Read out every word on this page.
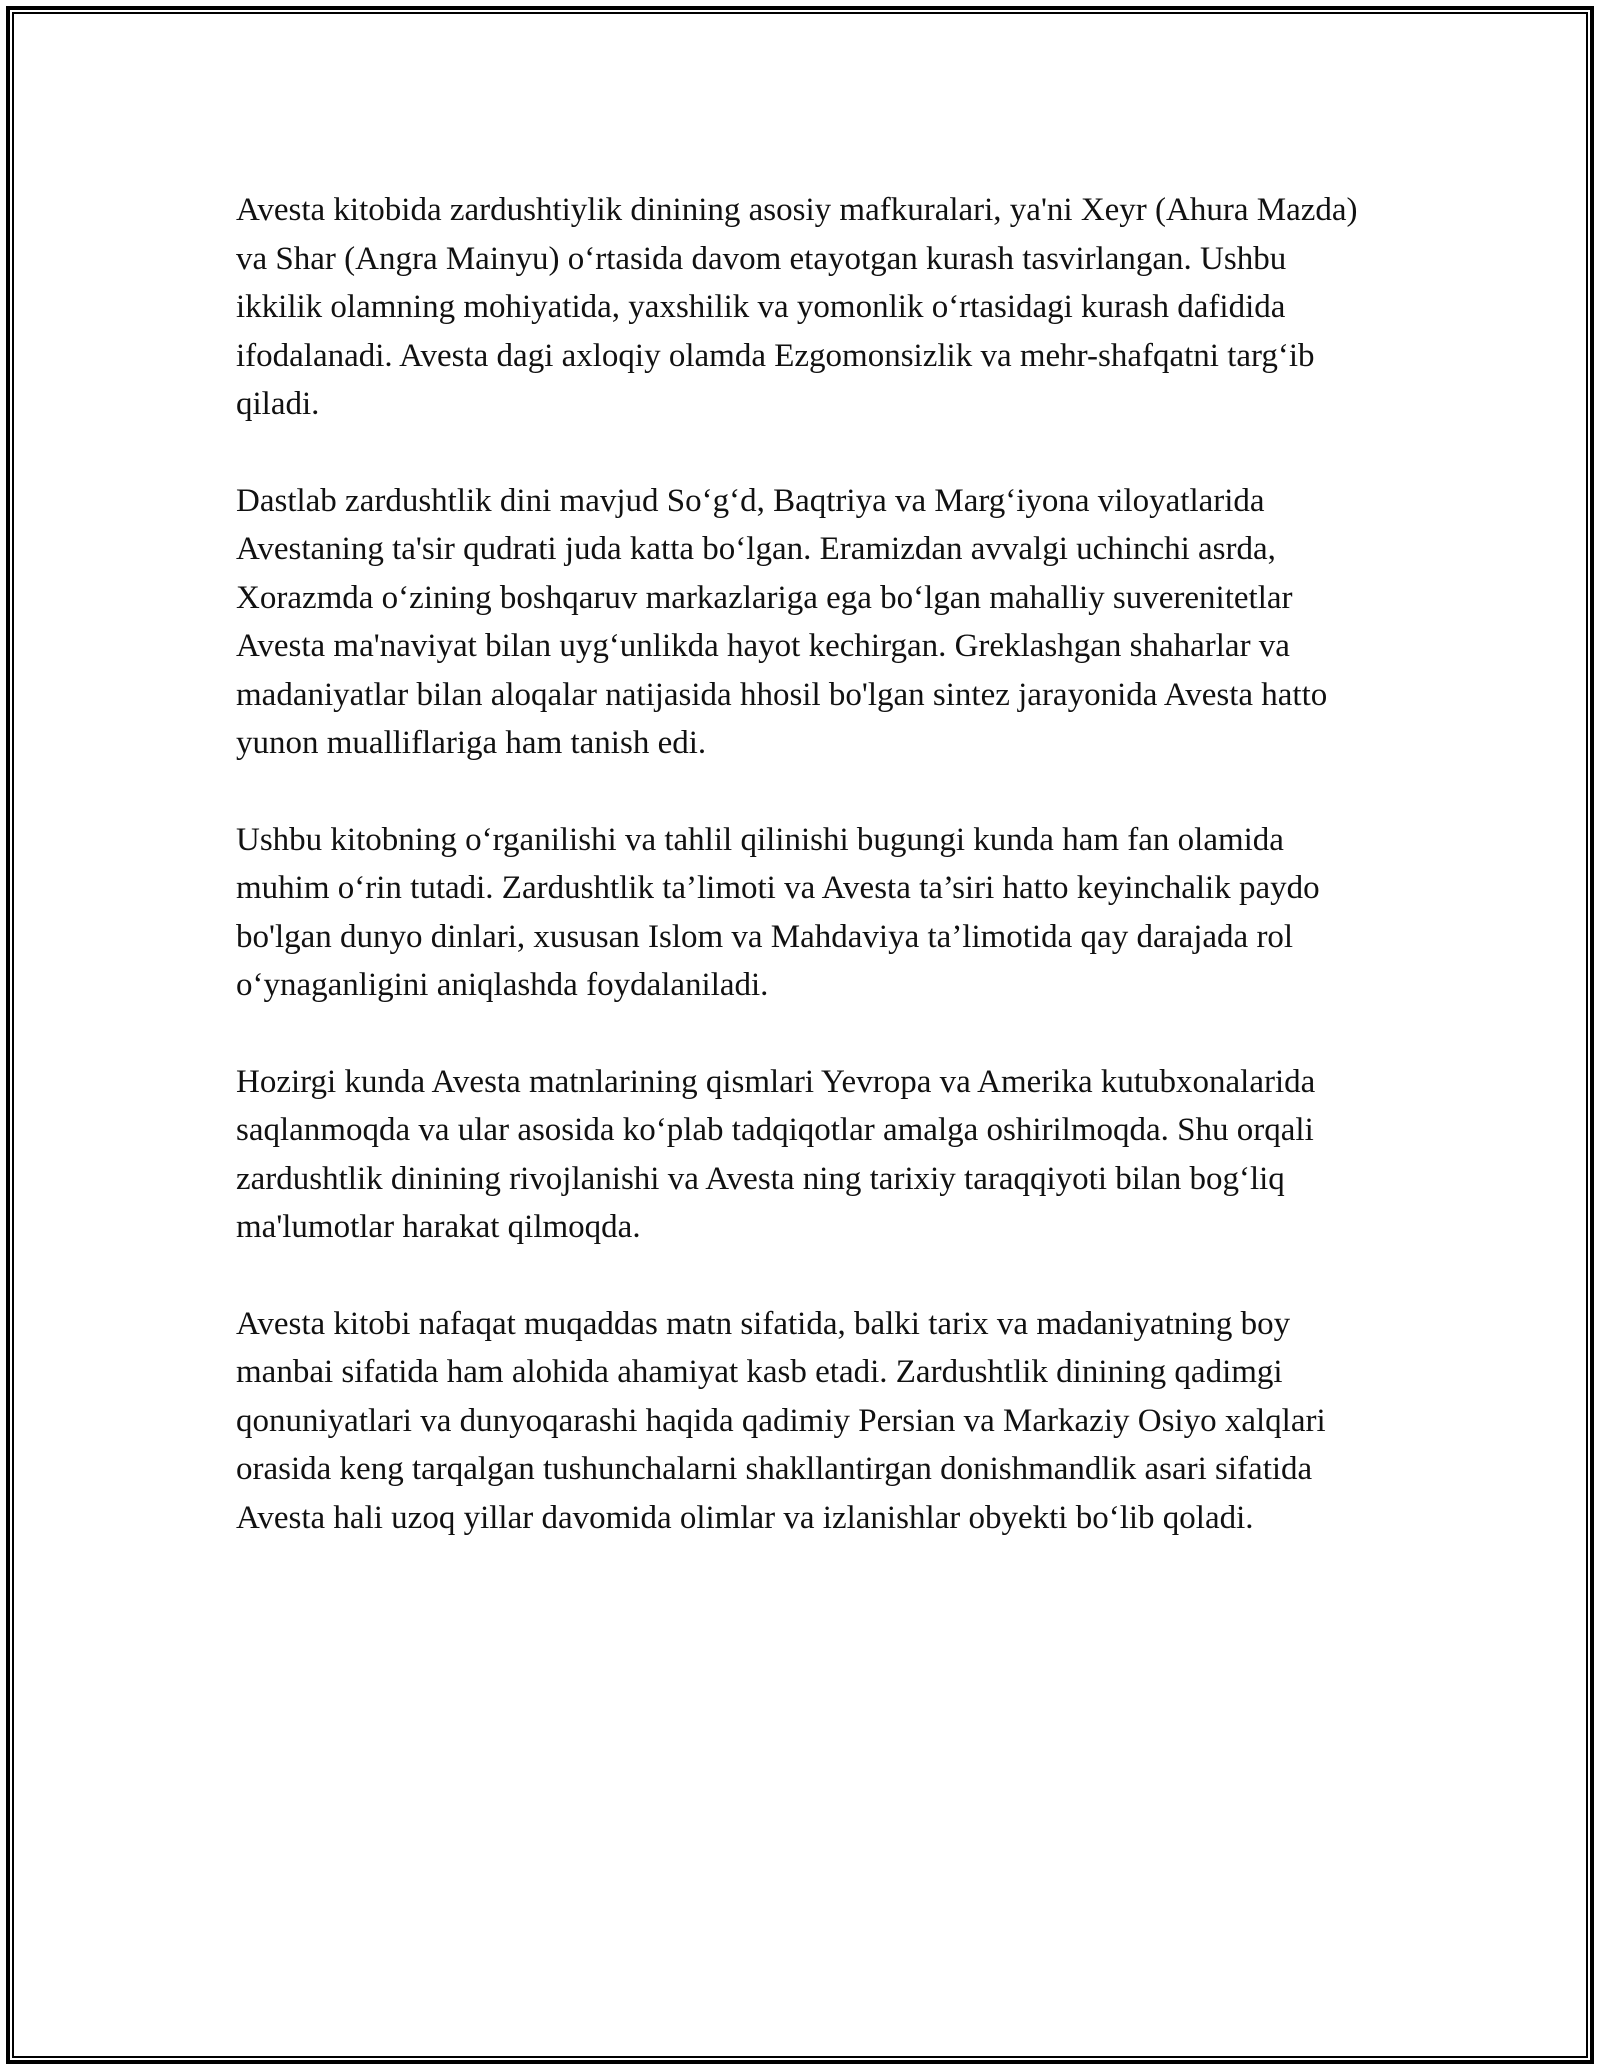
Avesta kitobida zardushtiylik dinining asosiy mafkuralari, ya'ni Xeyr (Ahura Mazda) va Shar (Angra Mainyu) o‘rtasida davom etayotgan kurash tasvirlangan. Ushbu ikkilik olamning mohiyatida, yaxshilik va yomonlik o‘rtasidagi kurash dafidida ifodalanadi. Avesta dagi axloqiy olamda Ezgomonsizlik va mehr-shafqatni targ‘ib qiladi.

Dastlab zardushtlik dini mavjud So‘g‘d, Baqtriya va Marg‘iyona viloyatlarida Avestaning ta'sir qudrati juda katta bo‘lgan. Eramizdan avvalgi uchinchi asrda, Xorazmda o‘zining boshqaruv markazlariga ega bo‘lgan mahalliy suverenitetlar Avesta ma'naviyat bilan uyg‘unlikda hayot kechirgan. Greklashgan shaharlar va madaniyatlar bilan aloqalar natijasida hhosil bo'lgan sintez jarayonida Avesta hatto yunon mualliflariga ham tanish edi.

Ushbu kitobning o‘rganilishi va tahlil qilinishi bugungi kunda ham fan olamida muhim o‘rin tutadi. Zardushtlik ta’limoti va Avesta ta’siri hatto keyinchalik paydo bo'lgan dunyo dinlari, xususan Islom va Mahdaviya ta’limotida qay darajada rol o‘ynaganligini aniqlashda foydalaniladi.

Hozirgi kunda Avesta matnlarining qismlari Yevropa va Amerika kutubxonalarida saqlanmoqda va ular asosida ko‘plab tadqiqotlar amalga oshirilmoqda. Shu orqali zardushtlik dinining rivojlanishi va Avesta ning tarixiy taraqqiyoti bilan bog‘liq ma'lumotlar harakat qilmoqda.

Avesta kitobi nafaqat muqaddas matn sifatida, balki tarix va madaniyatning boy manbai sifatida ham alohida ahamiyat kasb etadi. Zardushtlik dinining qadimgi qonuniyatlari va dunyoqarashi haqida qadimiy Persian va Markaziy Osiyo xalqlari orasida keng tarqalgan tushunchalarni shakllantirgan donishmandlik asari sifatida Avesta hali uzoq yillar davomida olimlar va izlanishlar obyekti bo‘lib qoladi.
